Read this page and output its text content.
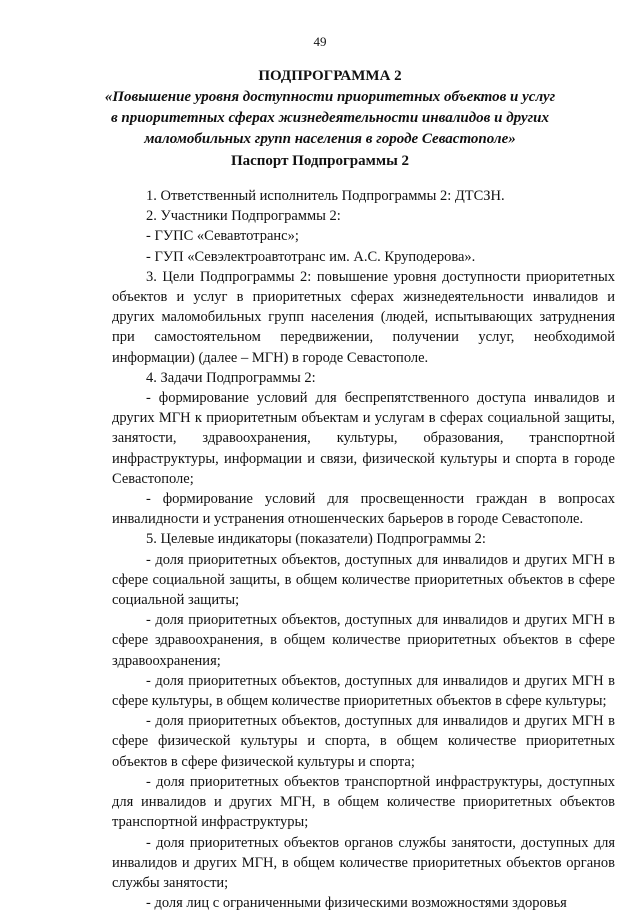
49
ПОДПРОГРАММА 2
«Повышение уровня доступности приоритетных объектов и услуг в приоритетных сферах жизнедеятельности инвалидов и других маломобильных групп населения в городе Севастополе»
Паспорт Подпрограммы 2

1. Ответственный исполнитель Подпрограммы 2: ДТСЗН.

2. Участники Подпрограммы 2:

- ГУПС «Севавтотранс»;

- ГУП «Севэлектроавтотранс им. А.С. Круподерова».

3. Цели Подпрограммы 2: повышение уровня доступности приоритетных объектов и услуг в приоритетных сферах жизнедеятельности инвалидов и других маломобильных групп населения (людей, испытывающих затруднения при самостоятельном передвижении, получении услуг, необходимой информации) (далее – МГН) в городе Севастополе.

4. Задачи Подпрограммы 2:

- формирование условий для беспрепятственного доступа инвалидов и других МГН к приоритетным объектам и услугам в сферах социальной защиты, занятости, здравоохранения, культуры, образования, транспортной инфраструктуры, информации и связи, физической культуры и спорта в городе Севастополе;

- формирование условий для просвещенности граждан в вопросах инвалидности и устранения отношенческих барьеров в городе Севастополе.

5. Целевые индикаторы (показатели) Подпрограммы 2:

- доля приоритетных объектов, доступных для инвалидов и других МГН в сфере социальной защиты, в общем количестве приоритетных объектов в сфере социальной защиты;

- доля приоритетных объектов, доступных для инвалидов и других МГН в сфере здравоохранения, в общем количестве приоритетных объектов в сфере здравоохранения;

- доля приоритетных объектов, доступных для инвалидов и других МГН в сфере культуры, в общем количестве приоритетных объектов в сфере культуры;

- доля приоритетных объектов, доступных для инвалидов и других МГН в сфере физической культуры и спорта, в общем количестве приоритетных объектов в сфере физической культуры и спорта;

- доля приоритетных объектов транспортной инфраструктуры, доступных для инвалидов и других МГН, в общем количестве приоритетных объектов транспортной инфраструктуры;

- доля приоритетных объектов органов службы занятости, доступных для инвалидов и других МГН, в общем количестве приоритетных объектов органов службы занятости;

- доля лиц с ограниченными физическими возможностями здоровья
